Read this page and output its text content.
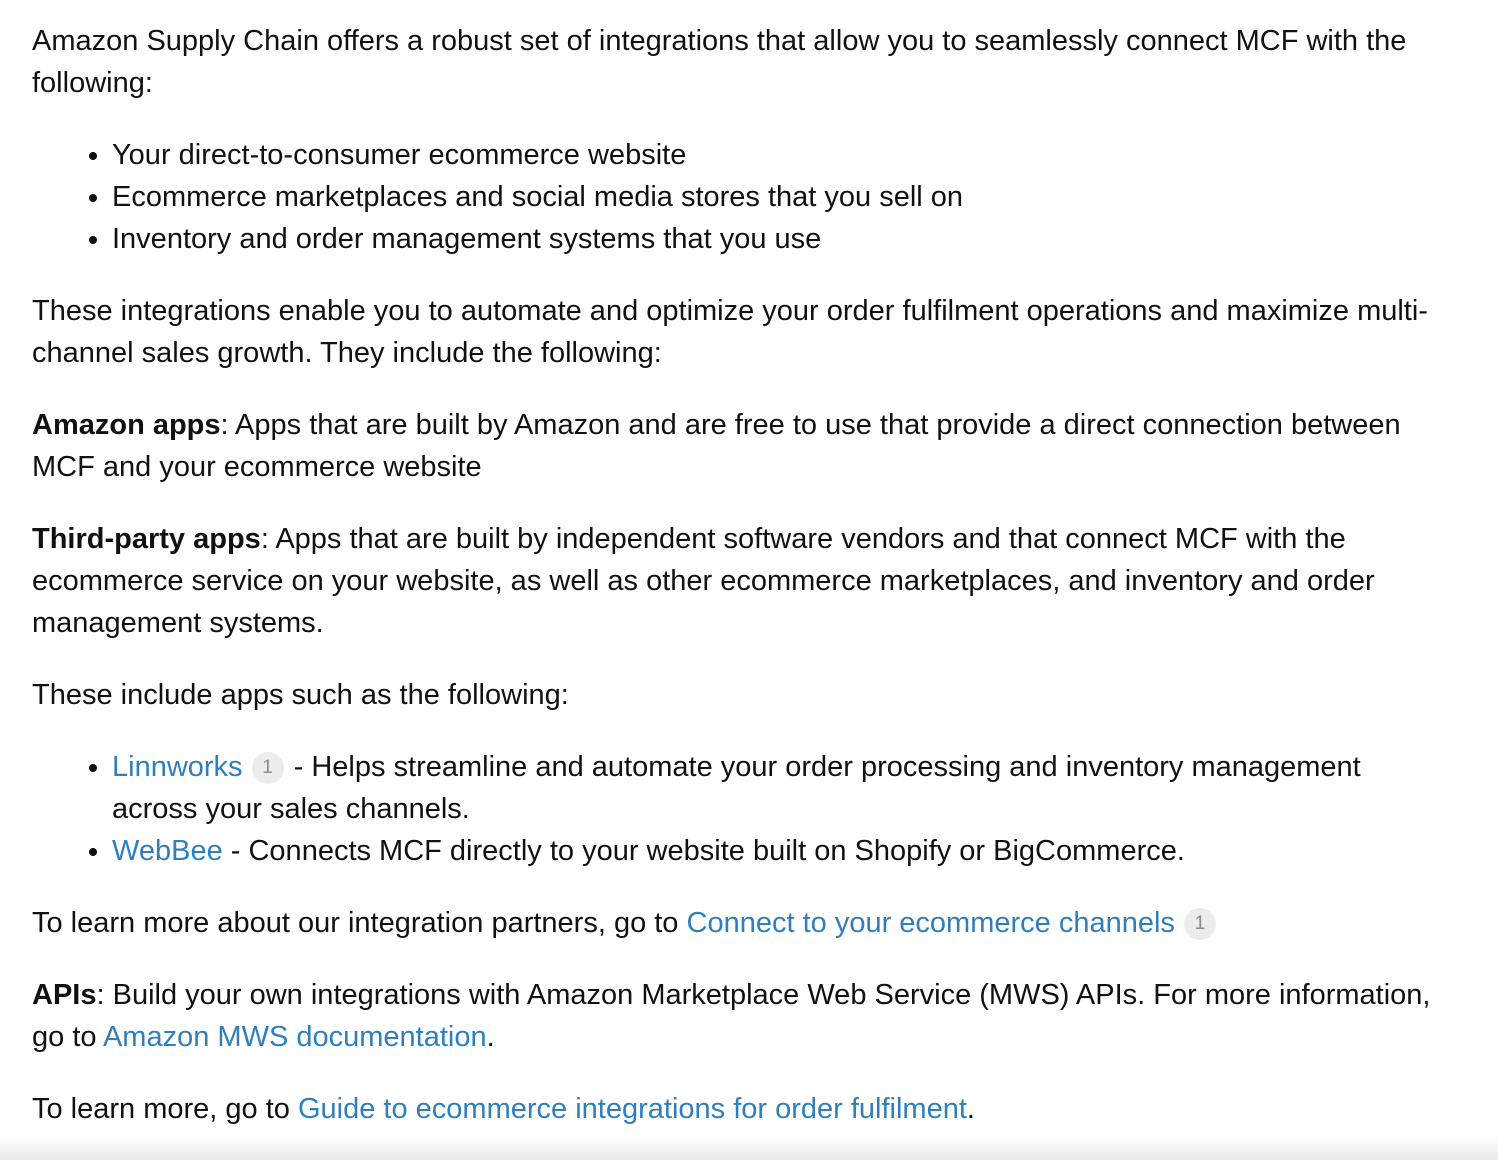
Amazon Supply Chain offers a robust set of integrations that allow you to seamlessly connect MCF with the following:

• Your direct-to-consumer ecommerce website
• Ecommerce marketplaces and social media stores that you sell on
• Inventory and order management systems that you use

These integrations enable you to automate and optimize your order fulfilment operations and maximize multi-channel sales growth. They include the following:

Amazon apps: Apps that are built by Amazon and are free to use that provide a direct connection between MCF and your ecommerce website

Third-party apps: Apps that are built by independent software vendors and that connect MCF with the ecommerce service on your website, as well as other ecommerce marketplaces, and inventory and order management systems.

These include apps such as the following:

• Linnworks 1 - Helps streamline and automate your order processing and inventory management across your sales channels.
• WebBee - Connects MCF directly to your website built on Shopify or BigCommerce.

To learn more about our integration partners, go to Connect to your ecommerce channels 1

APIs: Build your own integrations with Amazon Marketplace Web Service (MWS) APIs. For more information, go to Amazon MWS documentation.

To learn more, go to Guide to ecommerce integrations for order fulfilment.
